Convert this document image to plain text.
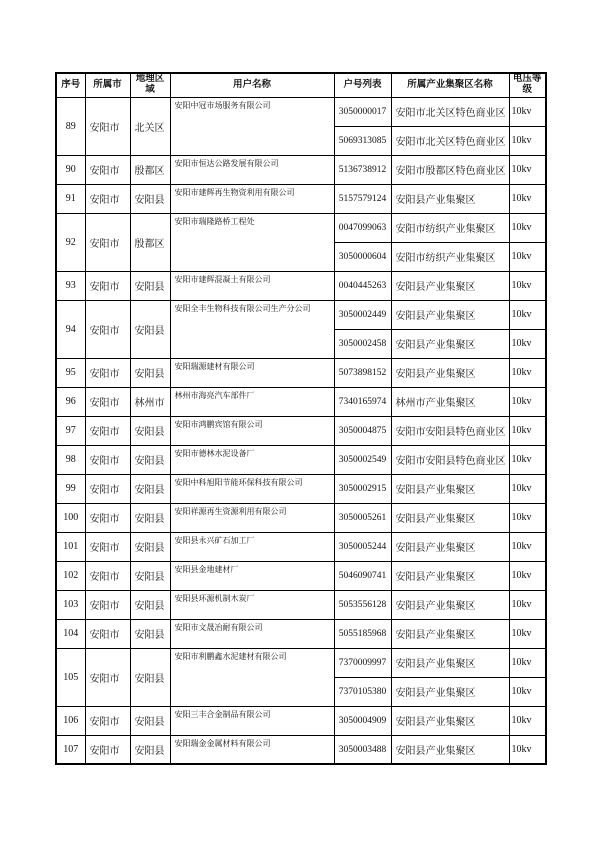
序号	所属市	地理区域	用户名称	户号列表	所属产业集聚区名称	电压等级
89	安阳市	北关区	安阳中冠市场服务有限公司	3050000017	安阳市北关区特色商业区	10kv
				5069313085	安阳市北关区特色商业区	10kv
90	安阳市	殷都区	安阳市恒达公路发展有限公司	5136738912	安阳市殷都区特色商业区	10kv
91	安阳市	安阳县	安阳市建辉再生物资利用有限公司	5157579124	安阳县产业集聚区	10kv
92	安阳市	殷都区	安阳市瑞隆路桥工程处	0047099063	安阳市纺织产业集聚区	10kv
				3050000604	安阳市纺织产业集聚区	10kv
93	安阳市	安阳县	安阳市建辉混凝土有限公司	0040445263	安阳县产业集聚区	10kv
94	安阳市	安阳县	安阳全丰生物科技有限公司生产分公司	3050002449	安阳县产业集聚区	10kv
				3050002458	安阳县产业集聚区	10kv
95	安阳市	安阳县	安阳瑞源建材有限公司	5073898152	安阳县产业集聚区	10kv
96	安阳市	林州市	林州市海亮汽车部件厂	7340165974	林州市产业集聚区	10kv
97	安阳市	安阳县	安阳市鸿鹏宾馆有限公司	3050004875	安阳市安阳县特色商业区	10kv
98	安阳市	安阳县	安阳市德林水泥设备厂	3050002549	安阳市安阳县特色商业区	10kv
99	安阳市	安阳县	安阳中科旭阳节能环保科技有限公司	3050002915	安阳县产业集聚区	10kv
100	安阳市	安阳县	安阳祥源再生资源利用有限公司	3050005261	安阳县产业集聚区	10kv
101	安阳市	安阳县	安阳县永兴矿石加工厂	3050005244	安阳县产业集聚区	10kv
102	安阳市	安阳县	安阳县金地建材厂	5046090741	安阳县产业集聚区	10kv
103	安阳市	安阳县	安阳县环源机制木炭厂	5053556128	安阳县产业集聚区	10kv
104	安阳市	安阳县	安阳市文晟冶耐有限公司	5055185968	安阳县产业集聚区	10kv
105	安阳市	安阳县	安阳市利鹏鑫水泥建材有限公司	7370009997	安阳县产业集聚区	10kv
				7370105380	安阳县产业集聚区	10kv
106	安阳市	安阳县	安阳三丰合金制品有限公司	3050004909	安阳县产业集聚区	10kv
107	安阳市	安阳县	安阳瑞金金属材料有限公司	3050003488	安阳县产业集聚区	10kv
